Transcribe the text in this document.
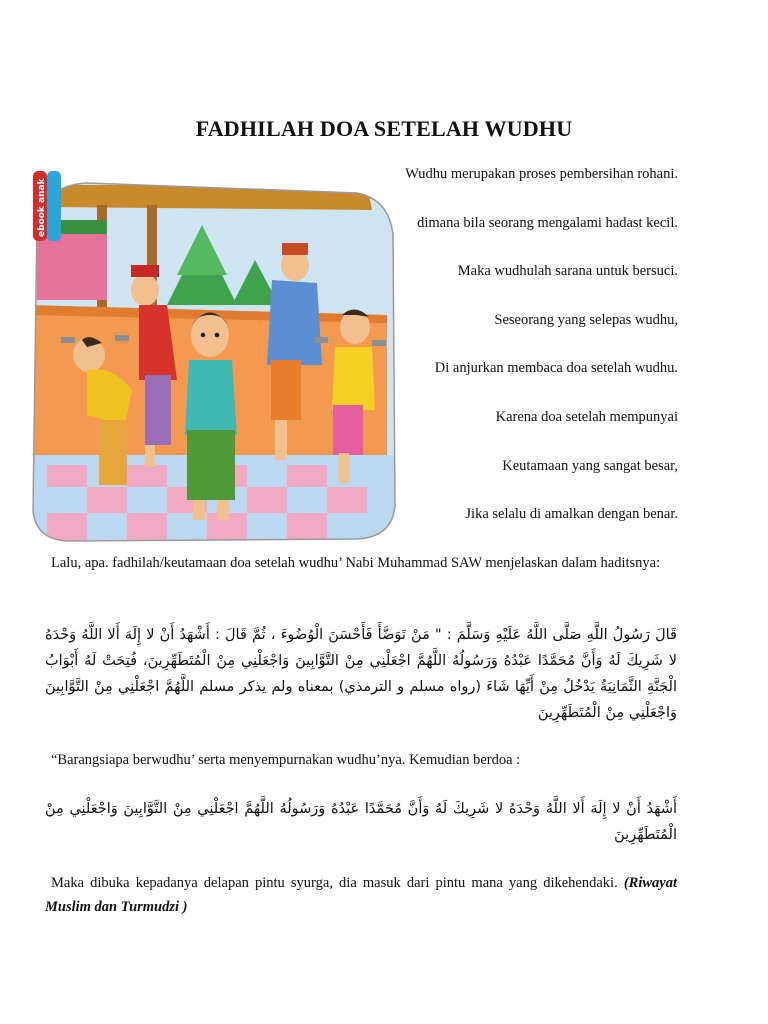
FADHILAH DOA SETELAH WUDHU
ebook anak
Wudhu merupakan proses pembersihan rohani.
dimana bila seorang mengalami hadast kecil.
Maka wudhulah sarana untuk bersuci.
Seseorang yang selepas wudhu,
Di anjurkan membaca doa setelah wudhu.
Karena doa setelah mempunyai
Keutamaan yang sangat besar,
Jika selalu di amalkan dengan benar.

Lalu, apa. fadhilah/keutamaan doa setelah wudhu’ Nabi Muhammad SAW menjelaskan dalam haditsnya:

قَالَ رَسُولُ اللَّهِ صَلَّى اللَّهُ عَلَيْهِ وَسَلَّمَ : " مَنْ تَوَضَّأَ فَأَحْسَنَ الْوُضُوءَ ، ثُمَّ قَالَ : أَشْهَدُ أَنْ لا إِلَهَ أَلا اللَّهُ وَحْدَهُ لا شَرِيكَ لَهُ وَأَنَّ مُحَمَّدًا عَبْدُهُ وَرَسُولُهُ اللَّهُمَّ اجْعَلْنِي مِنْ التَّوَّابِينَ وَاجْعَلْنِي مِنْ الْمُتَطَهِّرِينَ، فُتِحَتْ لَهُ أَبْوَابُ الْجَنَّةِ الثَّمَانِيَةُ يَدْخُلُ مِنْ أَيِّهَا شَاءَ (رواه مسلم و الترمذي) بمعناه ولم يذكر مسلم اللَّهُمَّ اجْعَلْنِي مِنْ التَّوَّابِينَ وَاجْعَلْنِي مِنْ الْمُتَطَهِّرِينَ

“Barangsiapa berwudhu’ serta menyempurnakan wudhu’nya. Kemudian berdoa :

أَشْهَدُ أَنْ لا إِلَهَ أَلا اللَّهُ وَحْدَهُ لا شَرِيكَ لَهُ وَأَنَّ مُحَمَّدًا عَبْدُهُ وَرَسُولُهُ اللَّهُمَّ اجْعَلْنِي مِنْ التَّوَّابِينَ وَاجْعَلْنِي مِنْ الْمُتَطَهِّرِينَ

Maka dibuka kepadanya delapan pintu syurga, dia masuk dari pintu mana yang dikehendaki. (Riwayat Muslim dan Turmudzi )
